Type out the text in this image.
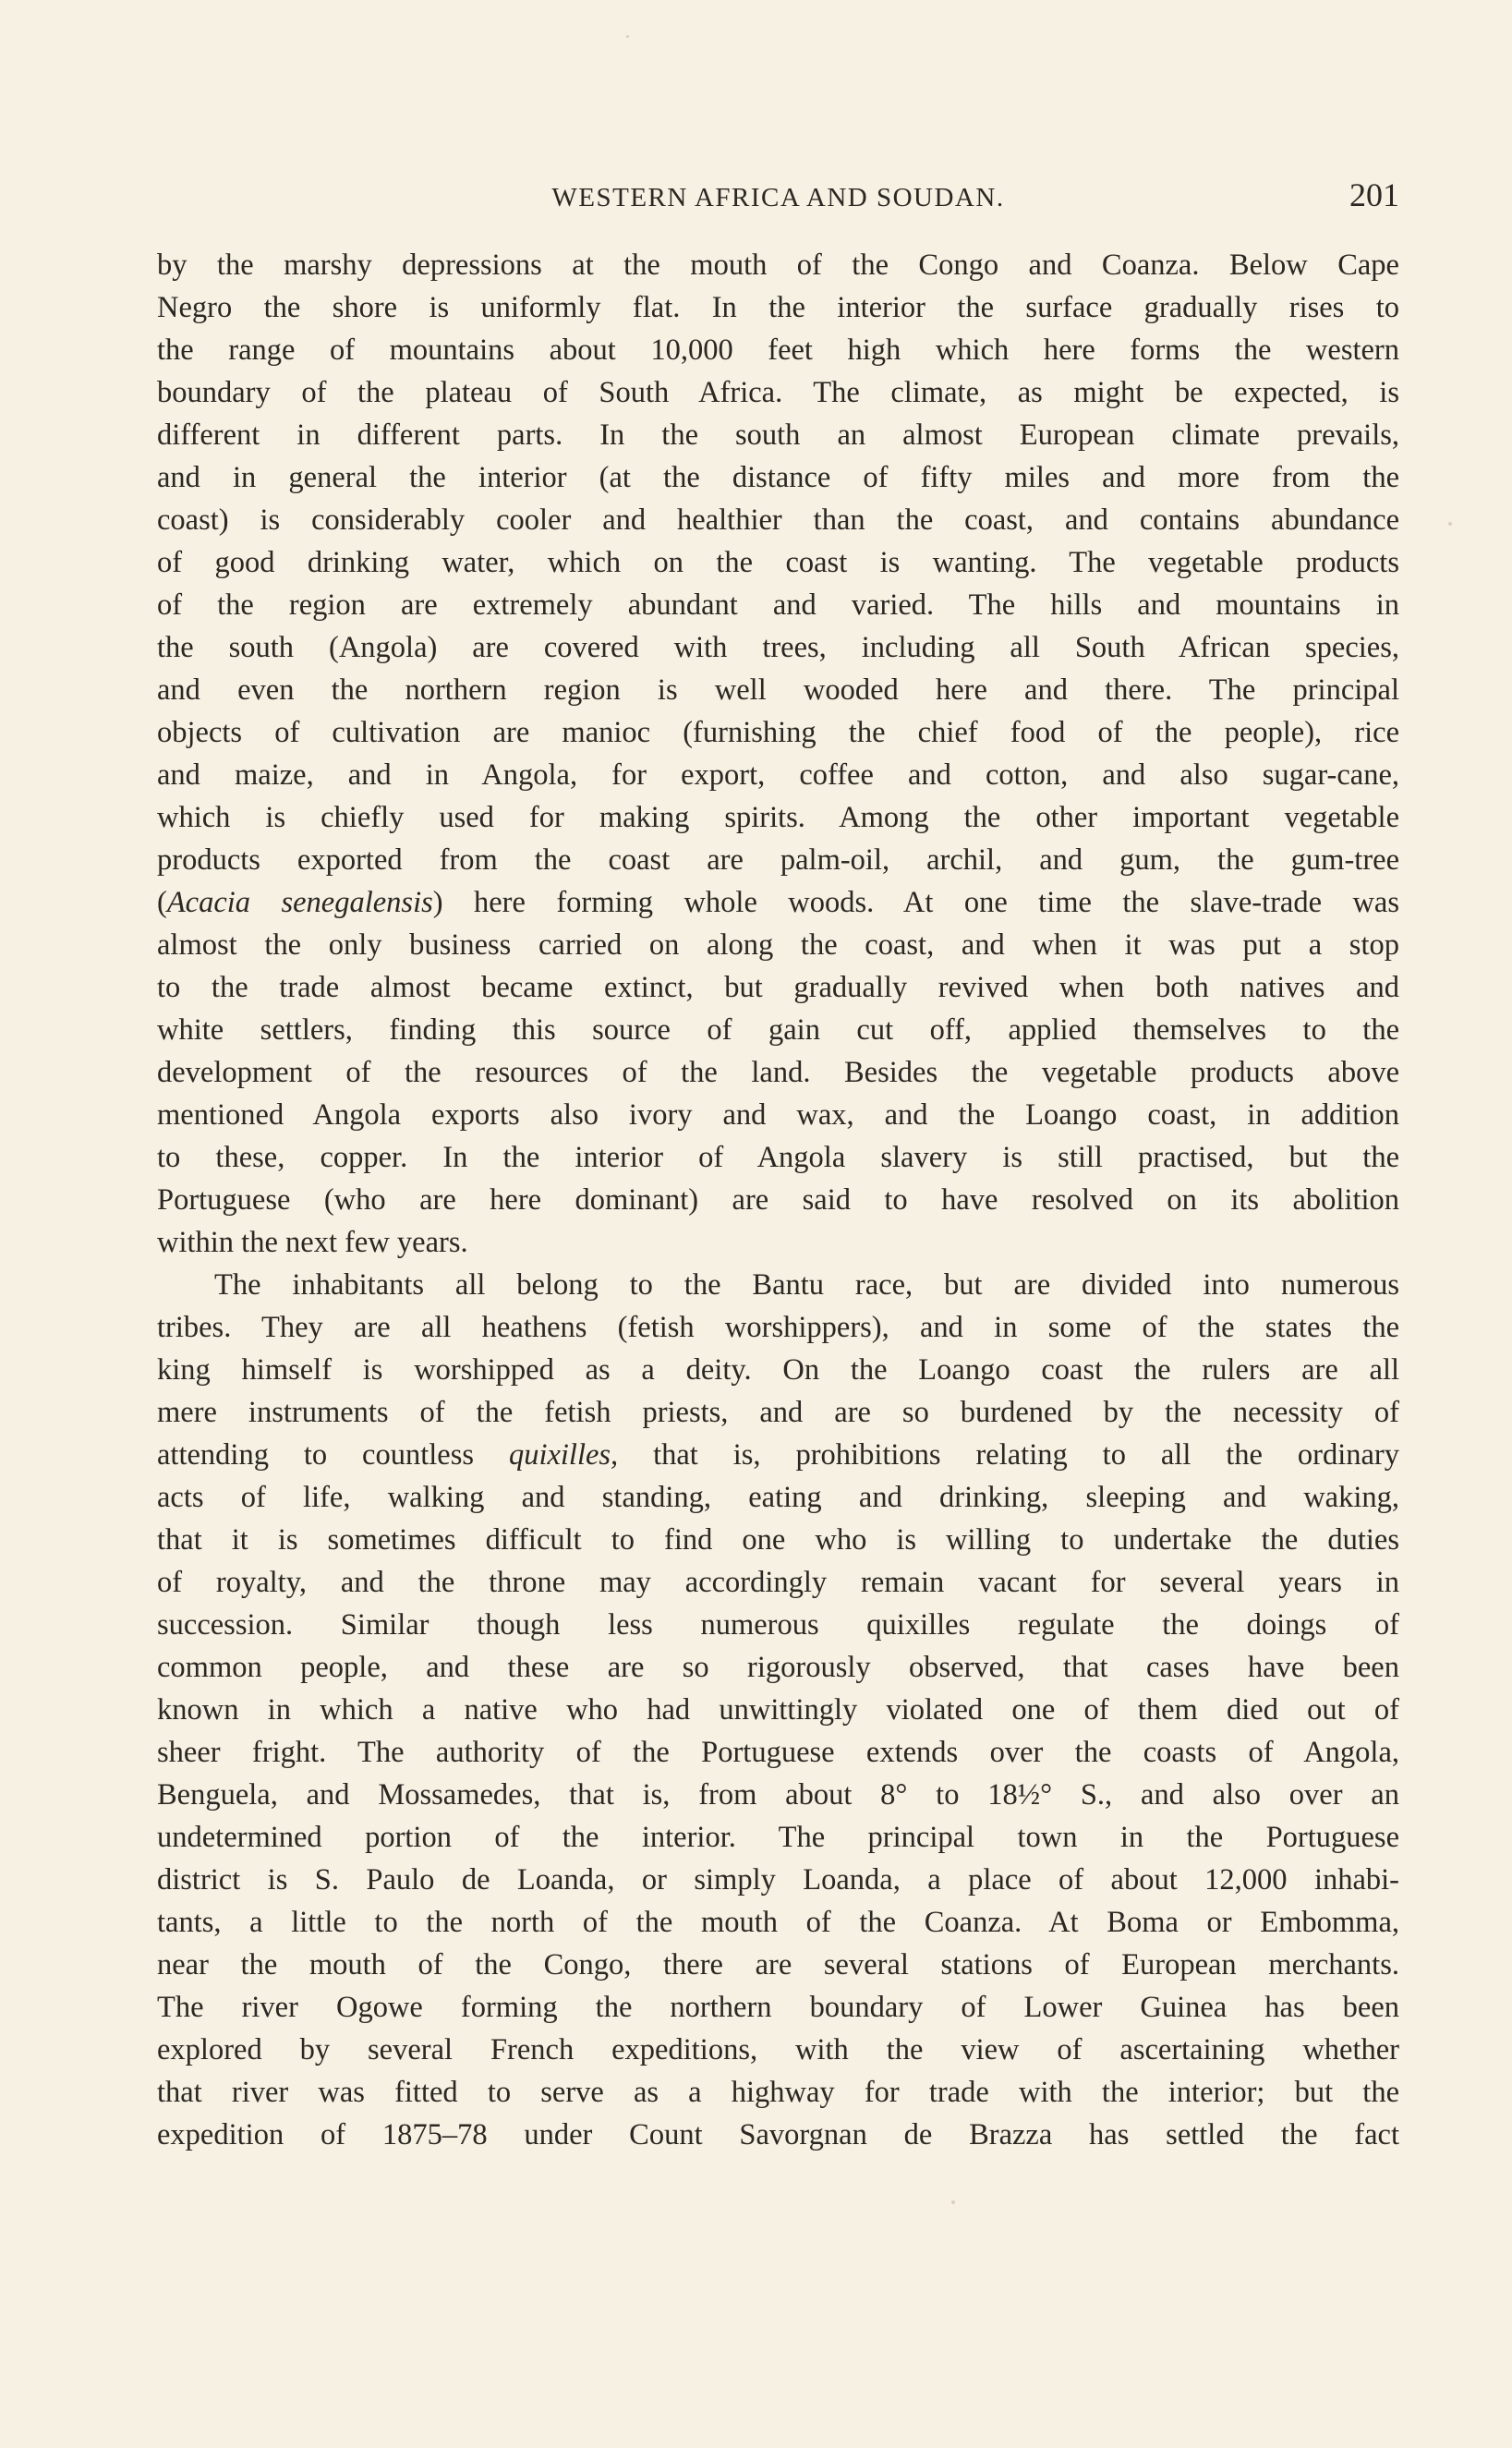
WESTERN AFRICA AND SOUDAN.	201
by the marshy depressions at the mouth of the Congo and Coanza. Below Cape
Negro the shore is uniformly flat. In the interior the surface gradually rises to
the range of mountains about 10,000 feet high which here forms the western
boundary of the plateau of South Africa. The climate, as might be expected, is
different in different parts. In the south an almost European climate prevails,
and in general the interior (at the distance of fifty miles and more from the
coast) is considerably cooler and healthier than the coast, and contains abundance
of good drinking water, which on the coast is wanting. The vegetable products
of the region are extremely abundant and varied. The hills and mountains in
the south (Angola) are covered with trees, including all South African species,
and even the northern region is well wooded here and there. The principal
objects of cultivation are manioc (furnishing the chief food of the people), rice
and maize, and in Angola, for export, coffee and cotton, and also sugar-cane,
which is chiefly used for making spirits. Among the other important vegetable
products exported from the coast are palm-oil, archil, and gum, the gum-tree
(Acacia senegalensis) here forming whole woods. At one time the slave-trade was
almost the only business carried on along the coast, and when it was put a stop
to the trade almost became extinct, but gradually revived when both natives and
white settlers, finding this source of gain cut off, applied themselves to the
development of the resources of the land. Besides the vegetable products above
mentioned Angola exports also ivory and wax, and the Loango coast, in addition
to these, copper. In the interior of Angola slavery is still practised, but the
Portuguese (who are here dominant) are said to have resolved on its abolition
within the next few years.
The inhabitants all belong to the Bantu race, but are divided into numerous
tribes. They are all heathens (fetish worshippers), and in some of the states the
king himself is worshipped as a deity. On the Loango coast the rulers are all
mere instruments of the fetish priests, and are so burdened by the necessity of
attending to countless quixilles, that is, prohibitions relating to all the ordinary
acts of life, walking and standing, eating and drinking, sleeping and waking,
that it is sometimes difficult to find one who is willing to undertake the duties
of royalty, and the throne may accordingly remain vacant for several years in
succession. Similar though less numerous quixilles regulate the doings of
common people, and these are so rigorously observed, that cases have been
known in which a native who had unwittingly violated one of them died out of
sheer fright. The authority of the Portuguese extends over the coasts of Angola,
Benguela, and Mossamedes, that is, from about 8° to 18½° S., and also over an
undetermined portion of the interior. The principal town in the Portuguese
district is S. Paulo de Loanda, or simply Loanda, a place of about 12,000 inhabi-
tants, a little to the north of the mouth of the Coanza. At Boma or Embomma,
near the mouth of the Congo, there are several stations of European merchants.
The river Ogowe forming the northern boundary of Lower Guinea has been
explored by several French expeditions, with the view of ascertaining whether
that river was fitted to serve as a highway for trade with the interior; but the
expedition of 1875–78 under Count Savorgnan de Brazza has settled the fact
